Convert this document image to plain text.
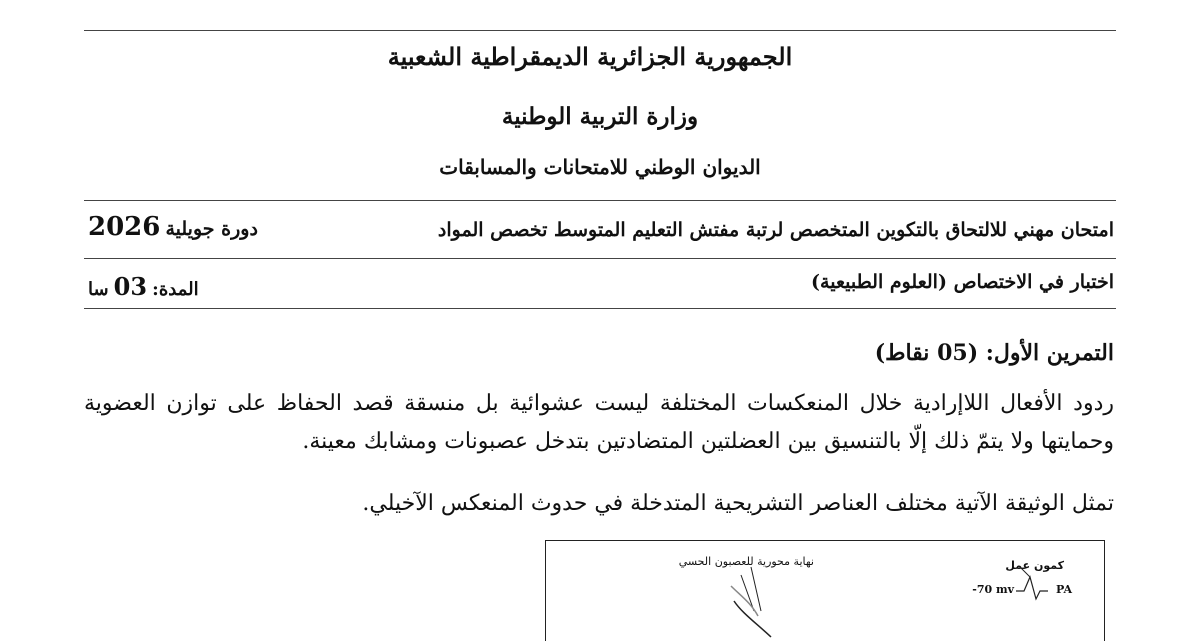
الجمهورية الجزائرية الديمقراطية الشعبية
وزارة التربية الوطنية
الديوان الوطني للامتحانات والمسابقات
امتحان مهني للالتحاق بالتكوين المتخصص لرتبة مفتش التعليم المتوسط تخصص المواد
دورة جويلية 2026
اختبار في الاختصاص (العلوم الطبيعية)
المدة: 03 سا
التمرين الأول: (05 نقاط)
ردود الأفعال اللاإرادية خلال المنعكسات المختلفة ليست عشوائية بل منسقة قصد الحفاظ على توازن العضوية وحمايتها ولا يتمّ ذلك إلّا بالتنسيق بين العضلتين المتضادتين بتدخل عصبونات ومشابك معينة.
تمثل الوثيقة الآتية مختلف العناصر التشريحية المتدخلة في حدوث المنعكس الآخيلي.
نهاية محورية للعصبون الحسي	كمون عمل
-70 mv	PA
